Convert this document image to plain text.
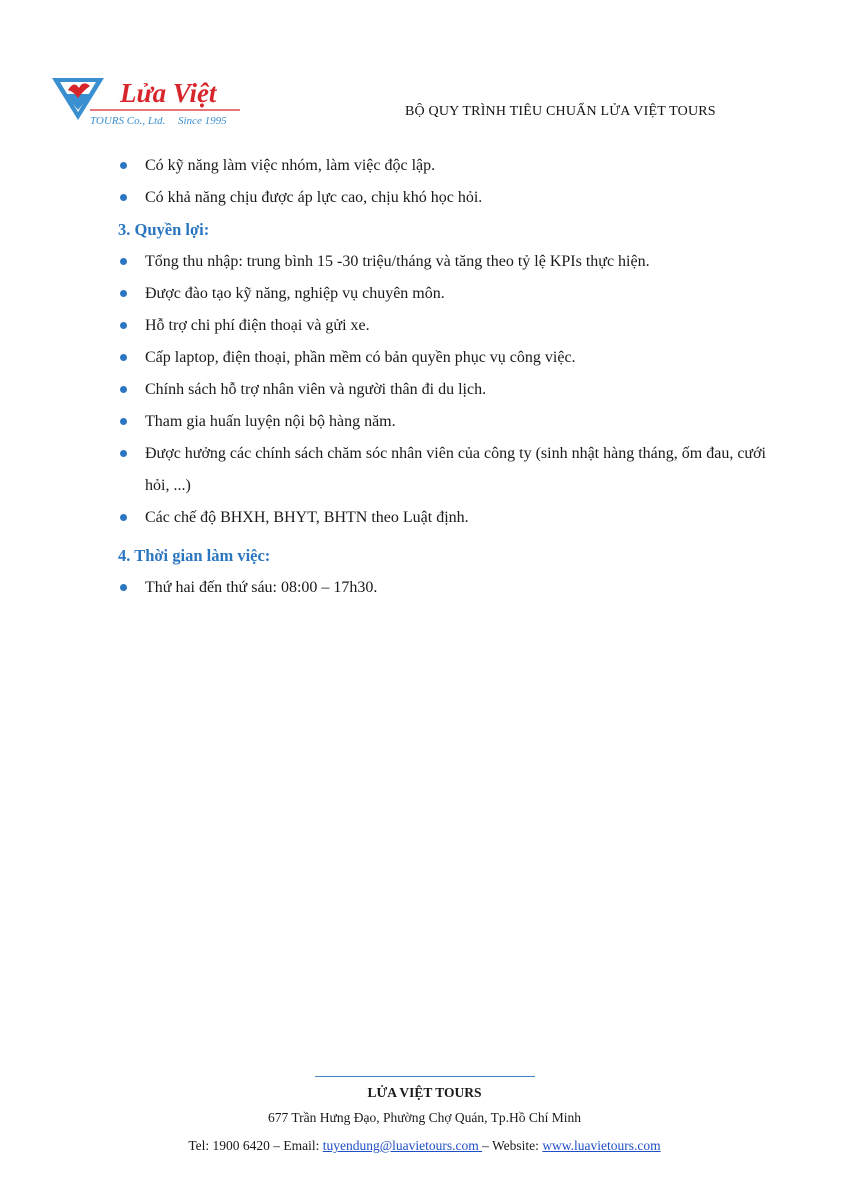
Lửa Việt
TOURS Co., Ltd. Since 1995
BỘ QUY TRÌNH TIÊU CHUẨN LỬA VIỆT TOURS
Có kỹ năng làm việc nhóm, làm việc độc lập.
Có khả năng chịu được áp lực cao, chịu khó học hỏi.
3. Quyền lợi:
Tổng thu nhập: trung bình 15 -30 triệu/tháng và tăng theo tỷ lệ KPIs thực hiện.
Được đào tạo kỹ năng, nghiệp vụ chuyên môn.
Hỗ trợ chi phí điện thoại và gửi xe.
Cấp laptop, điện thoại, phần mềm có bản quyền phục vụ công việc.
Chính sách hỗ trợ nhân viên và người thân đi du lịch.
Tham gia huấn luyện nội bộ hàng năm.
Được hưởng các chính sách chăm sóc nhân viên của công ty (sinh nhật hàng tháng, ốm đau, cưới hỏi, ...)
Các chế độ BHXH, BHYT, BHTN theo Luật định.
4. Thời gian làm việc:
Thứ hai đến thứ sáu: 08:00 – 17h30.
LỬA VIỆT TOURS
677 Trần Hưng Đạo, Phường Chợ Quán, Tp.Hồ Chí Minh
Tel: 1900 6420 – Email: tuyendung@luavietours.com – Website: www.luavietours.com
